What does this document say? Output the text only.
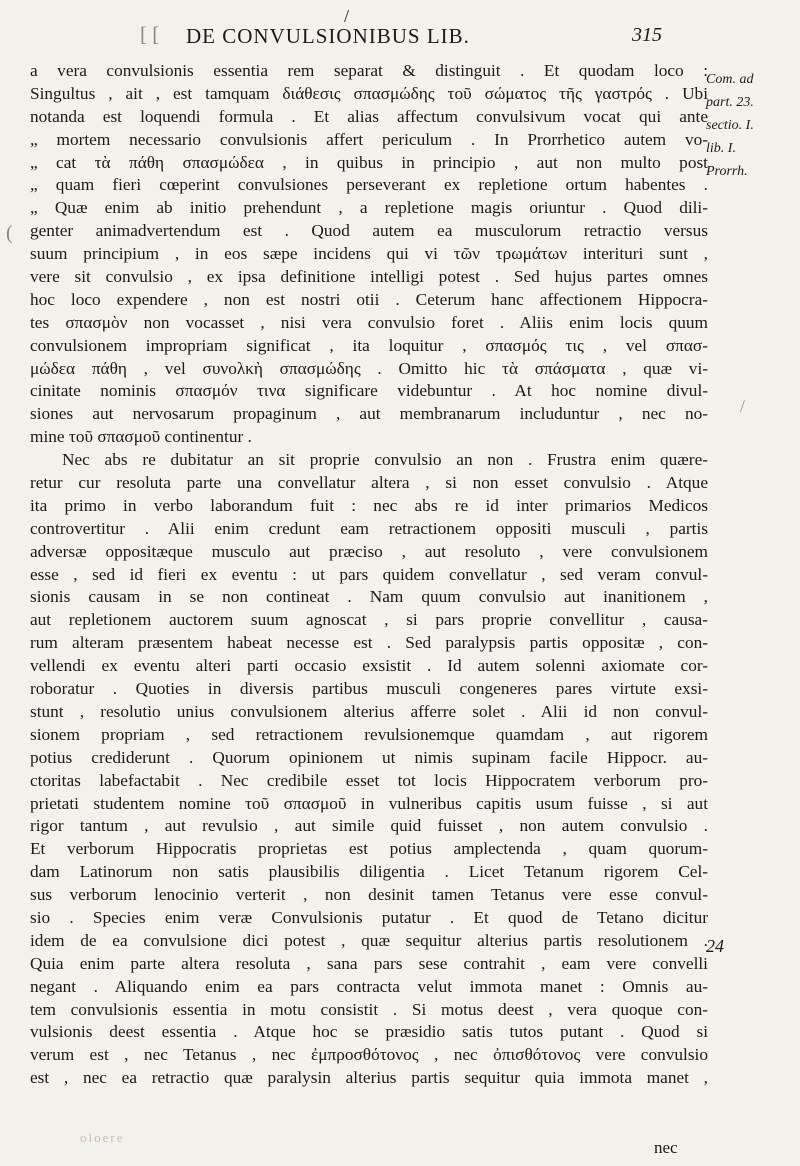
/
[ [ DE CONVULSIONIBUS LIB.	315
(
/
a vera convulsionis essentia rem separat & distinguit . Et quodam loco :
Singultus , ait , est tamquam διάθεσις σπασμώδης τοῦ σώματος τῆς γαστρός . Ubi
notanda est loquendi formula . Et alias affectum convulsivum vocat qui ante
„ mortem necessario convulsionis affert periculum . In Prorrhetico autem vo-
„ cat τὰ πάθη σπασμώδεα , in quibus in principio , aut non multo post
„ quam fieri cœperint convulsiones perseverant ex repletione ortum habentes .
„ Quæ enim ab initio prehendunt , a repletione magis oriuntur . Quod dili-
genter animadvertendum est . Quod autem ea musculorum retractio versus
suum principium , in eos sæpe incidens qui vi τῶν τρωμάτων interituri sunt ,
vere sit convulsio , ex ipsa definitione intelligi potest . Sed hujus partes omnes
hoc loco expendere , non est nostri otii . Ceterum hanc affectionem Hippocra-
tes σπασμὸν non vocasset , nisi vera convulsio foret . Aliis enim locis quum
convulsionem impropriam significat , ita loquitur , σπασμός τις , vel σπασ-
μώδεα πάθη , vel συνολκὴ σπασμώδης . Omitto hic τὰ σπάσματα , quæ vi-
cinitate nominis σπασμόν τινα significare videbuntur . At hoc nomine divul-
siones aut nervosarum propaginum , aut membranarum includuntur , nec no-
mine τοῦ σπασμοῦ continentur .
Nec abs re dubitatur an sit proprie convulsio an non . Frustra enim quære-
retur cur resoluta parte una convellatur altera , si non esset convulsio . Atque
ita primo in verbo laborandum fuit : nec abs re id inter primarios Medicos
controvertitur . Alii enim credunt eam retractionem oppositi musculi , partis
adversæ oppositæque musculo aut præciso , aut resoluto , vere convulsionem
esse , sed id fieri ex eventu : ut pars quidem convellatur , sed veram convul-
sionis causam in se non contineat . Nam quum convulsio aut inanitionem ,
aut repletionem auctorem suum agnoscat , si pars proprie convellitur , causa-
rum alteram præsentem habeat necesse est . Sed paralypsis partis oppositæ , con-
vellendi ex eventu alteri parti occasio exsistit . Id autem solenni axiomate cor-
roboratur . Quoties in diversis partibus musculi congeneres pares virtute exsi-
stunt , resolutio unius convulsionem alterius afferre solet . Alii id non convul-
sionem propriam , sed retractionem revulsionemque quamdam , aut rigorem
potius crediderunt . Quorum opinionem ut nimis supinam facile Hippocr. au-
ctoritas labefactabit . Nec credibile esset tot locis Hippocratem verborum pro-
prietati studentem nomine τοῦ σπασμοῦ in vulneribus capitis usum fuisse , si aut
rigor tantum , aut revulsio , aut simile quid fuisset , non autem convulsio .
Et verborum Hippocratis proprietas est potius amplectenda , quam quorum-
dam Latinorum non satis plausibilis diligentia . Licet Tetanum rigorem Cel-
sus verborum lenocinio verterit , non desinit tamen Tetanus vere esse convul-
sio . Species enim veræ Convulsionis putatur . Et quod de Tetano dicitur
idem de ea convulsione dici potest , quæ sequitur alterius partis resolutionem .
Quia enim parte altera resoluta , sana pars sese contrahit , eam vere convelli
negant . Aliquando enim ea pars contracta velut immota manet : Omnis au-
tem convulsionis essentia in motu consistit . Si motus deest , vera quoque con-
vulsionis deest essentia . Atque hoc se præsidio satis tutos putant . Quod si
verum est , nec Tetanus , nec ἐμπροσθότονος , nec ὀπισθότονος vere convulsio
est , nec ea retractio quæ paralysin alterius partis sequitur quia immota manet ,
Com. ad
part. 23.
sectio. I.
lib. I.
Prorrh.
24
oloere
nec
